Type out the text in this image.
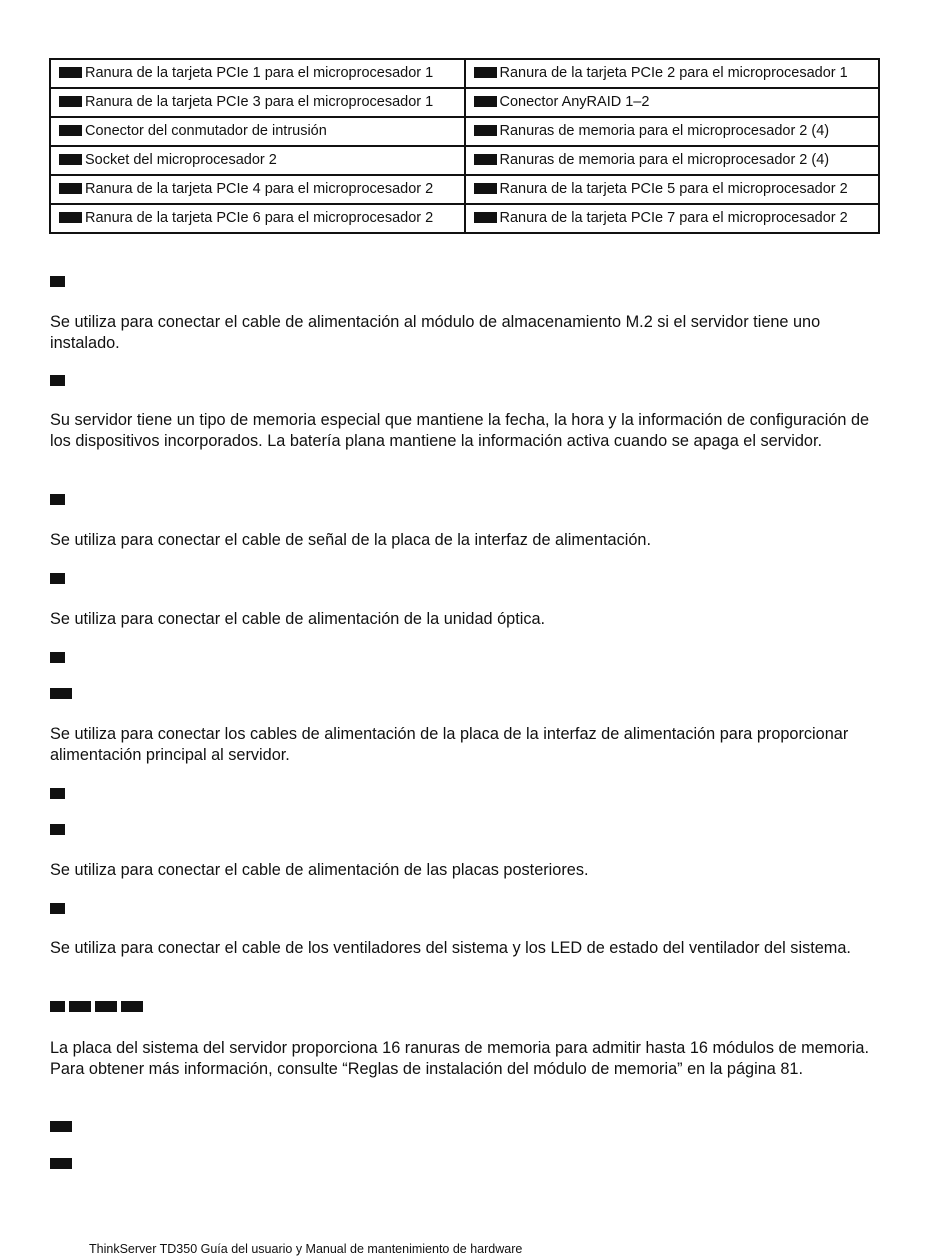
Ranura de la tarjeta PCIe 1 para el microprocesador 1	Ranura de la tarjeta PCIe 2 para el microprocesador 1
Ranura de la tarjeta PCIe 3 para el microprocesador 1	Conector AnyRAID 1–2
Conector del conmutador de intrusión	Ranuras de memoria para el microprocesador 2 (4)
Socket del microprocesador 2	Ranuras de memoria para el microprocesador 2 (4)
Ranura de la tarjeta PCIe 4 para el microprocesador 2	Ranura de la tarjeta PCIe 5 para el microprocesador 2
Ranura de la tarjeta PCIe 6 para el microprocesador 2	Ranura de la tarjeta PCIe 7 para el microprocesador 2

Se utiliza para conectar el cable de alimentación al módulo de almacenamiento M.2 si el servidor tiene uno instalado.

Su servidor tiene un tipo de memoria especial que mantiene la fecha, la hora y la información de configuración de los dispositivos incorporados. La batería plana mantiene la información activa cuando se apaga el servidor.

Se utiliza para conectar el cable de señal de la placa de la interfaz de alimentación.

Se utiliza para conectar el cable de alimentación de la unidad óptica.

Se utiliza para conectar los cables de alimentación de la placa de la interfaz de alimentación para proporcionar alimentación principal al servidor.

Se utiliza para conectar el cable de alimentación de las placas posteriores.

Se utiliza para conectar el cable de los ventiladores del sistema y los LED de estado del ventilador del sistema.

La placa del sistema del servidor proporciona 16 ranuras de memoria para admitir hasta 16 módulos de memoria. Para obtener más información, consulte “Reglas de instalación del módulo de memoria” en la página 81.

ThinkServer TD350 Guía del usuario y Manual de mantenimiento de hardware
